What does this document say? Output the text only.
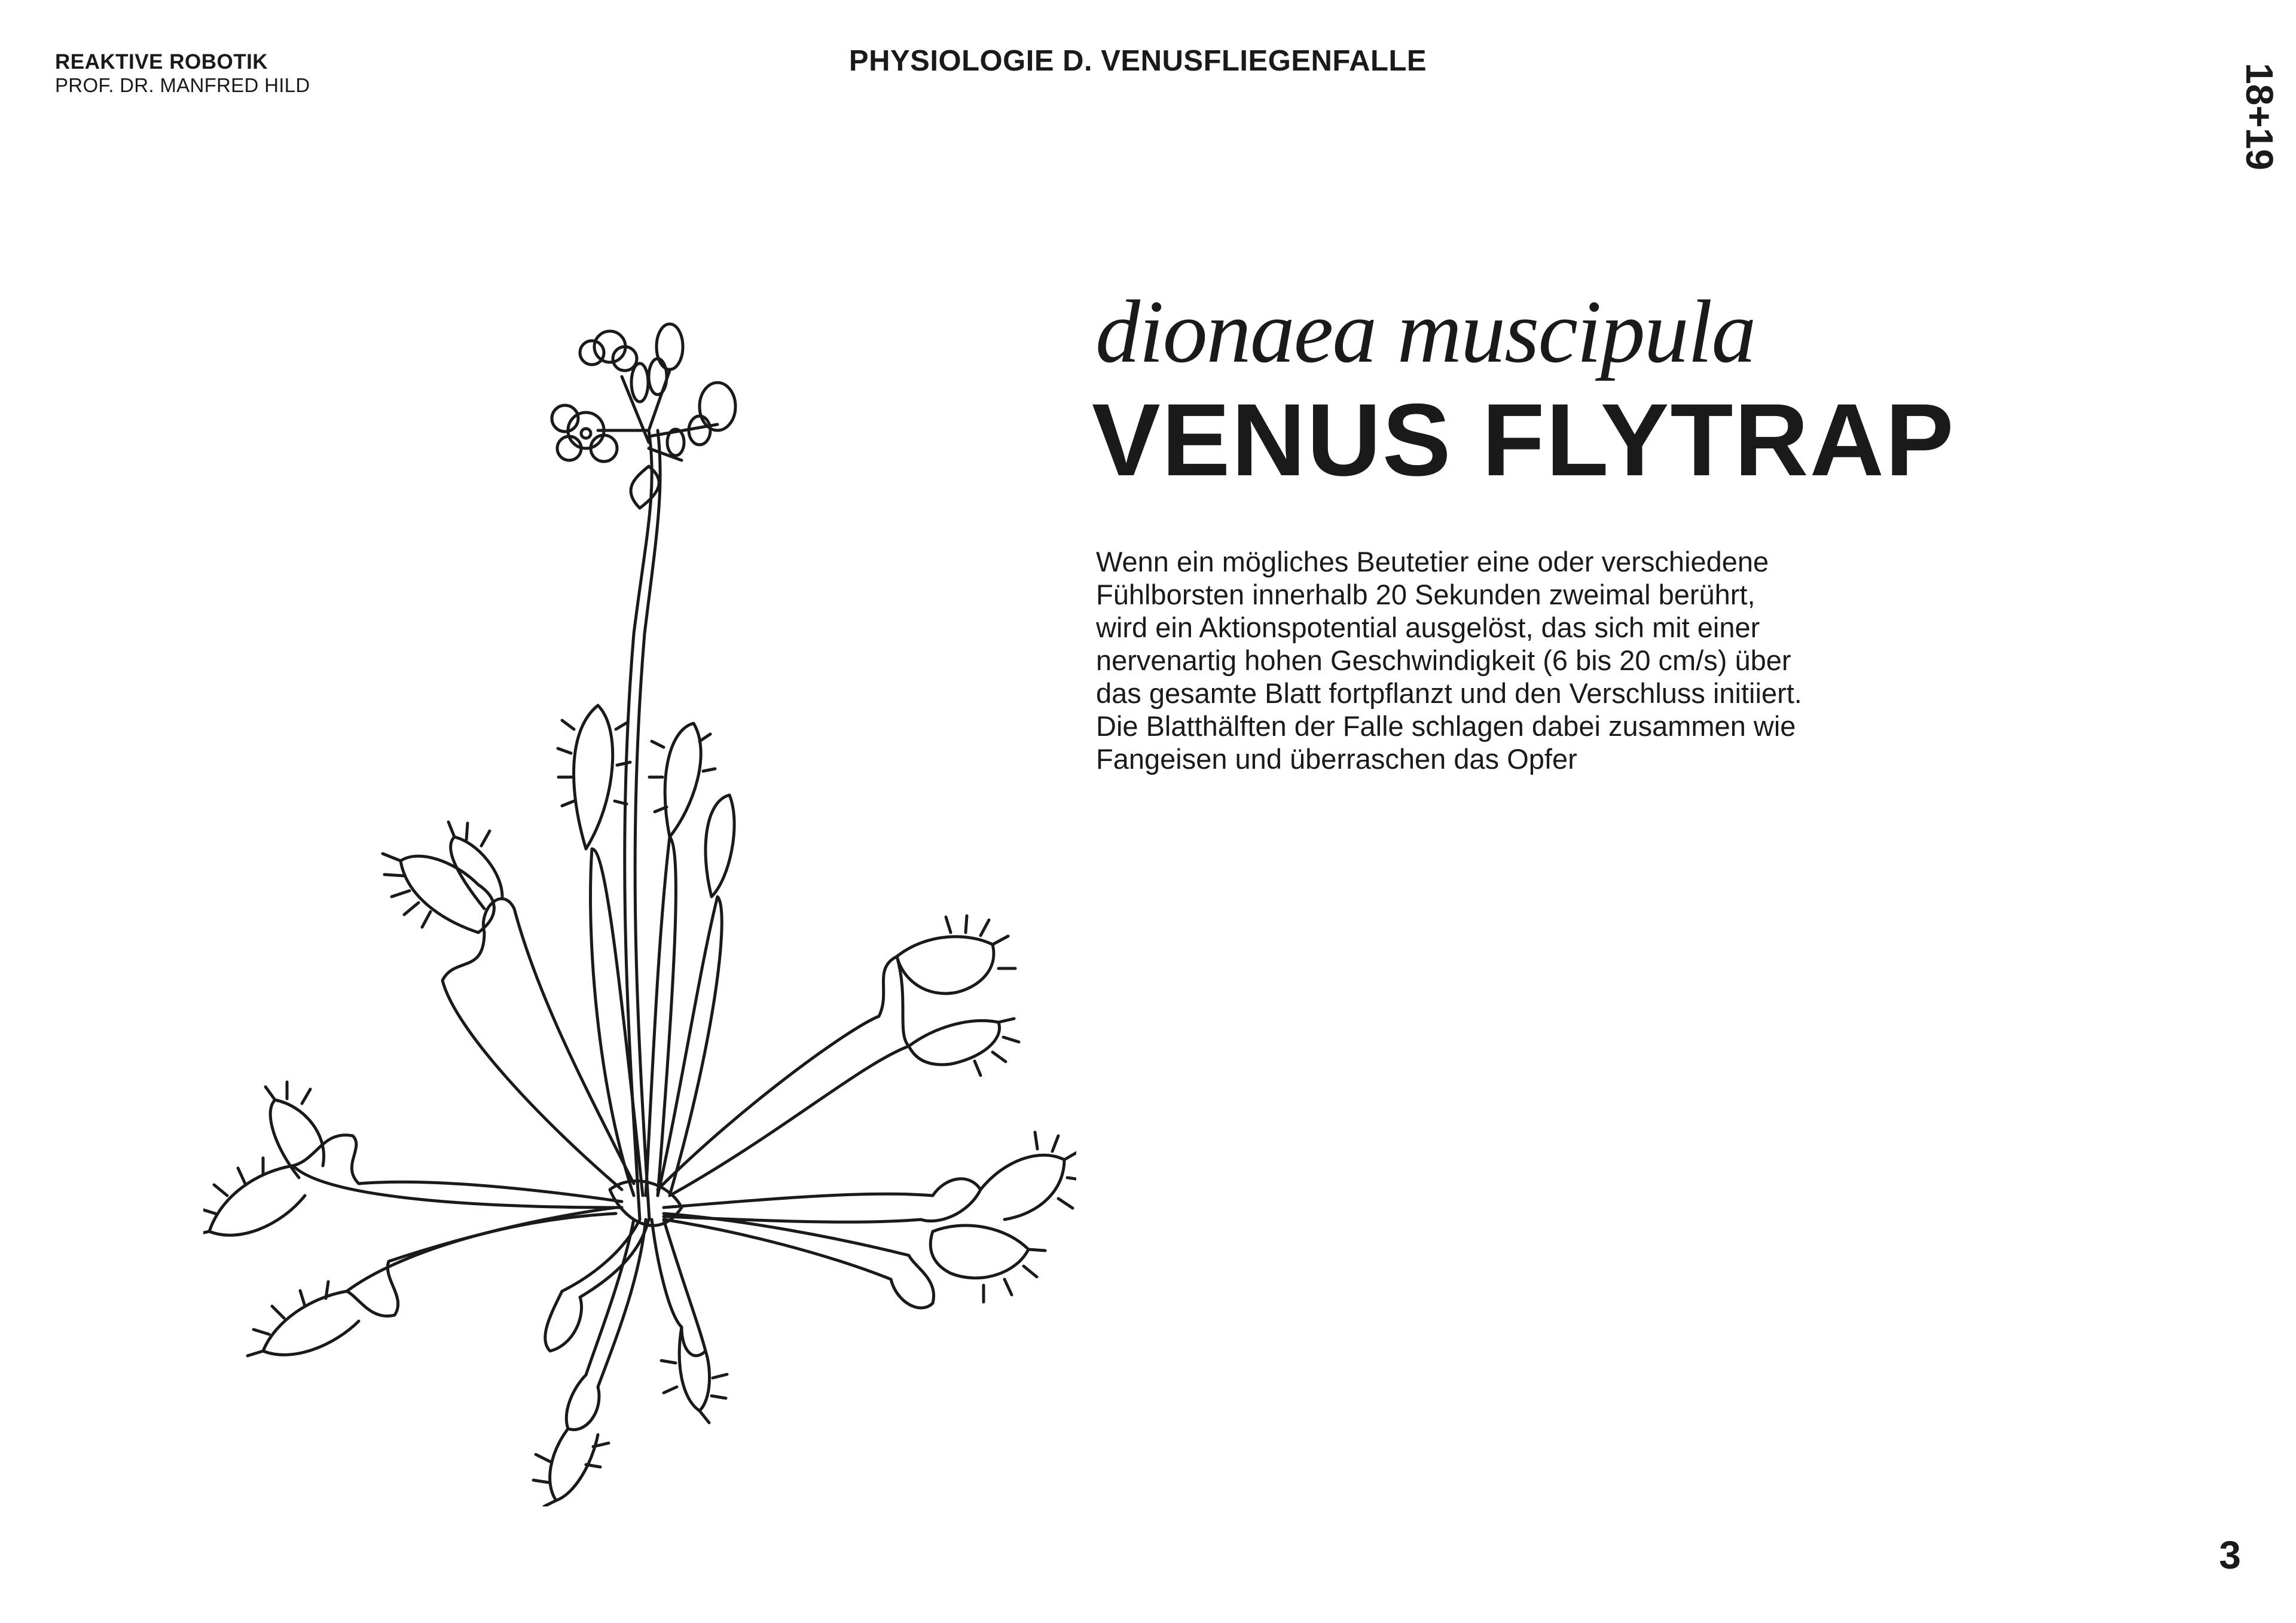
REAKTIVE ROBOTIK
PROF. DR. MANFRED HILD
PHYSIOLOGIE D. VENUSFLIEGENFALLE
18+19
3
dionaea muscipula
VENUS FLYTRAP
Wenn ein mögliches Beutetier eine oder verschiedene
Fühlborsten innerhalb 20 Sekunden zweimal berührt,
wird ein Aktionspotential ausgelöst, das sich mit einer
nervenartig hohen Geschwindigkeit (6 bis 20 cm/s) über
das gesamte Blatt fortpflanzt und den Verschluss initiiert.
Die Blatthälften der Falle schlagen dabei zusammen wie
Fangeisen und überraschen das Opfer
